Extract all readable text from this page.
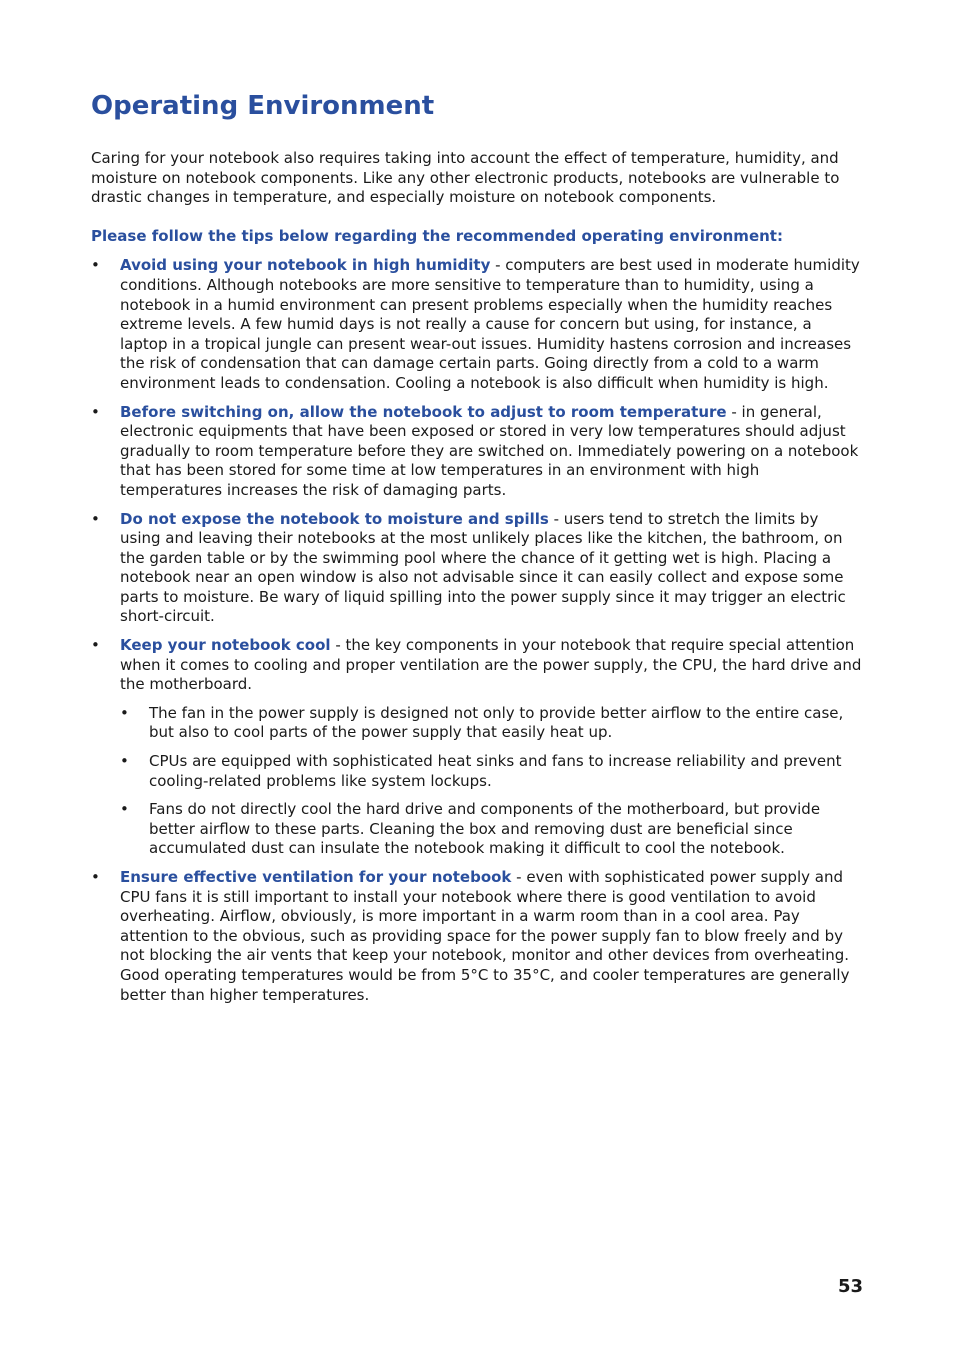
Operating Environment

Caring for your notebook also requires taking into account the effect of temperature, humidity, and moisture on notebook components. Like any other electronic products, notebooks are vulnerable to drastic changes in temperature, and especially moisture on notebook components.

Please follow the tips below regarding the recommended operating environment:

•	Avoid using your notebook in high humidity - computers are best used in moderate humidity conditions. Although notebooks are more sensitive to temperature than to humidity, using a notebook in a humid environment can present problems especially when the humidity reaches extreme levels. A few humid days is not really a cause for concern but using, for instance, a laptop in a tropical jungle can present wear-out issues. Humidity hastens corrosion and increases the risk of condensation that can damage certain parts. Going directly from a cold to a warm environment leads to condensation. Cooling a notebook is also difficult when humidity is high.
•	Before switching on, allow the notebook to adjust to room temperature - in general, electronic equipments that have been exposed or stored in very low temperatures should adjust gradually to room temperature before they are switched on. Immediately powering on a notebook that has been stored for some time at low temperatures in an environment with high temperatures increases the risk of damaging parts.
•	Do not expose the notebook to moisture and spills - users tend to stretch the limits by using and leaving their notebooks at the most unlikely places like the kitchen, the bathroom, on the garden table or by the swimming pool where the chance of it getting wet is high. Placing a notebook near an open window is also not advisable since it can easily collect and expose some parts to moisture. Be wary of liquid spilling into the power supply since it may trigger an electric short-circuit.
•	Keep your notebook cool - the key components in your notebook that require special attention when it comes to cooling and proper ventilation are the power supply, the CPU, the hard drive and the motherboard.
•	The fan in the power supply is designed not only to provide better airflow to the entire case, but also to cool parts of the power supply that easily heat up.
•	CPUs are equipped with sophisticated heat sinks and fans to increase reliability and prevent cooling-related problems like system lockups.
•	Fans do not directly cool the hard drive and components of the motherboard, but provide better airflow to these parts. Cleaning the box and removing dust are beneficial since accumulated dust can insulate the notebook making it difficult to cool the notebook.
•	Ensure effective ventilation for your notebook - even with sophisticated power supply and CPU fans it is still important to install your notebook where there is good ventilation to avoid overheating. Airflow, obviously, is more important in a warm room than in a cool area. Pay attention to the obvious, such as providing space for the power supply fan to blow freely and by not blocking the air vents that keep your notebook, monitor and other devices from overheating. Good operating temperatures would be from 5°C to 35°C, and cooler temperatures are generally better than higher temperatures.
53
